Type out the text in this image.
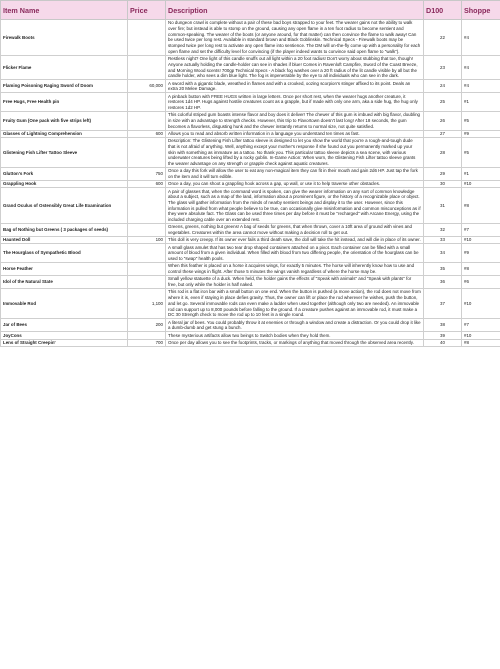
Item Name	Price	Description	D100	Shoppe
Firewalk Boots		No dungeon crawl is complete without a pair of these bad boys strapped to your feet. The wearer gains not the ability to walk over fire; but instead is able to stomp on the ground, causing any open flame in a ten foot radius to become sentient and common-speaking. The wearer of the boots (or anyone around, for that matter) can then convince the flame to walk away! Can be used twice per long rest. Available in standard brown and Black Goblinskin. Technical Specs - Firewalk boots may be stomped twice per long rest to activate any open flame into sentience. The DM will on-the-fly come up with a personality for each open flame and set the difficulty level for convincing (if the player indeed wants to convince said open flame to "walk").	22	#4
Flicker Flame		Restless night? One light of this candle snuffs out all light within a 20 foot radius! Don't worry about stubbing that toe, though! Anyone actually holding the candle-holder can see in shades if blue! Comes in Ravenloft Campfire, Sword of the Coast Breeze, and Morning Wood scents! 700gp Technical Specs - A black fog washes over a 20 ft radius of the lit candle visible by all but the candle holder, who sees a dim blue light. The fog is impenetrable by the eye to all individuals who can see in the dark.	23	#4
Flaming Poisoning Raging Sword of Doom	60,000	A sword with a gigantic blade, wreathed in flames and with a crooked, oozing scorpion's stinger affixed to its point. Deals an extra 20 Melee Damage.	24	#4
Free Hugs, Free Health pin		A pinback button with FREE HUGS written in large letters. Once per short rest, when the wearer hugs another creature, it restores 1d4 HP. Hugs against hostile creatures count as a grapple, but if made with only one arm, aka a side hug, the hug only restores 1d2 HP.	25	#1
Fruity Gum (One pack with five strips left)		This colorful striped gum boasts intense flavor and boy does it deliver! The chewer of this gum is imbued with big flavor, doubling in size with an advantage to strength checks. However, this trip to Flavortown doesn't last long! After 18 seconds, the gum becomes a flavorless, disgusting hunk and the chewer instantly returns to normal size, not quite satisfied.	26	#5
Glasses of Lightning Comprehension	600	Allows you to read and absorb written information in a language you understand ten times as fast.	27	#9
Glistening Fish Lifter Tattoo Sleeve		Description: The Glistening Fish Lifter tattoo sleeve is designed to let you show the world that you're a rough-and-tough dude that is not afraid of anything. Well, anything except your mother's response if she found out you permanently marked up your skin with something as immature as a tattoo. No thank you. This particular tattoo sleeve depicts a sea scene, with various underwater creatures being lifted by a rocky goblin. In-Game Action: When worn, the Glistening Fish Lifter tattoo sleeve grants the wearer advantage on any strength or grapple check against aquatic creatures.	28	#5
Glutton's Fork	750	Once a day this fork will allow the user to eat any non-magical item they can fit in their mouth and gain 2d6 HP. Just tap the fork on the item and it will turn edible.	29	#1
Grappling Hook	600	Once a day, you can shoot a grappling hook across a gap, up wall, or use it to help traverse other obstacles.	30	#10
Grand Oculus of Ostensibly Great Life Examination		A pair of glasses that, when the command word is spoken, can give the wearer information on any sort of common knowledge about a subject, such as a map of the land, information about a prominent figure, or the history of a recognizable place or object. The glass will gather information from the minds of nearby sentient beings and display it to the user. However, since this information is pulled from what people believe to be true, can occasionally give misinformation and common misconceptions as if they were absolute fact. The Glass can be used three times per day before it must be "recharged" with Arcane Energy, using the included charging cable over an extended rest.	31	#8
Bag of Nothing but Greens ( 3 packages of seeds)		Greens, greens, nothing but greens! A bag of seeds for greens, that when thrown, cover a 10ft area of ground with vines and vegetables. Creatures within the area cannot move without making a decision roll to get out.	32	#7
Haunted Doll	100	This doll is very creepy. If its owner ever fails a third death save, the doll will take the hit instead, and will die in place of its owner.	33	#10
The Hourglass of Sympathetic Blood		A small glass amulet that has two tear drop shaped containers attached on a pivot. Each container can be filled with a small amount of blood from a given individual. When filled with blood from two differing people, the orientation of the hourglass can be used to "swap" health pools.	34	#9
Horse Feather		When this feather is placed on a horse it acquires wings, for exactly 5 minutes. The horse will inherently know how to use and control these wings in flight. After those 5 minutes the wings vanish regardless of where the horse may be.	35	#8
Idol of the Natural State		Small yellow statuette of a duck. When held, the holder gains the effects of "Speak with animals" and "Speak with plants" for free, but only while the holder is half naked.	36	#6
Immovable Rod	1,100	This rod is a flat iron bar with a small button on one end. When the button is pushed (a move action), the rod does not move from where it is, even if staying in place defies gravity. Thus, the owner can lift or place the rod wherever he wishes, push the button, and let go. Several immovable rods can even make a ladder when used together (although only two are needed). An immovable rod can support up to 8,000 pounds before falling to the ground. If a creature pushes against an immovable rod, it must make a DC 30 Strength check to move the rod up to 10 feet in a single round.	37	#10
Jar of Bees	200	A literal jar of bees. You could probably throw it at enemies or through a window and create a distraction. Or you could drop it like a dumb-dumb and get stung a bunch.	38	#7
JoyCons		These mysterious artifacts allow two beings to Switch bodies when they hold them.	39	#10
Lens of Straight Creepin'	700	Once per day allows you to see the footprints, tracks, or markings of anything that moved through the observed area recently.	40	#8
